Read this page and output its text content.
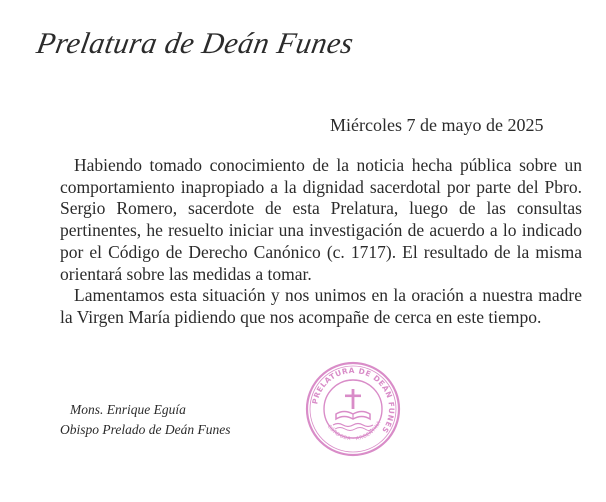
Prelatura de Deán Funes
Miércoles 7 de mayo de 2025

Habiendo tomado conocimiento de la noticia hecha pública sobre un comportamiento inapropiado a la dignidad sacerdotal por parte del Pbro. Sergio Romero, sacerdote de esta Prelatura, luego de las consultas pertinentes, he resuelto iniciar una investigación de acuerdo a lo indicado por el Código de Derecho Canónico (c. 1717). El resultado de la misma orientará sobre las medidas a tomar.

Lamentamos esta situación y nos unimos en la oración a nuestra madre la Virgen María pidiendo que nos acompañe de cerca en este tiempo.

Mons. Enrique Eguía
Obispo Prelado de Deán Funes
PRELATURA DE DEÁN FUNES
CÓRDOBA · ARGENTINA
